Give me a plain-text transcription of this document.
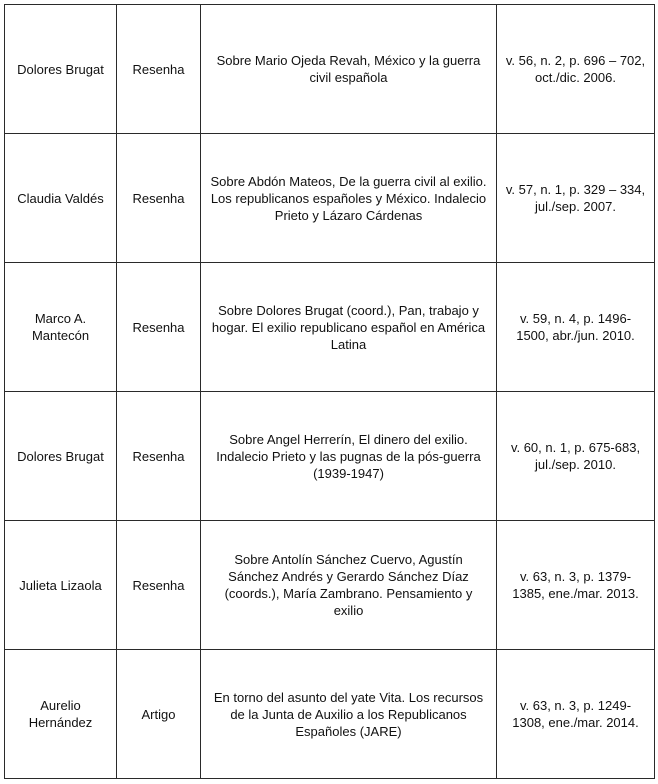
Dolores Brugat	Resenha	Sobre Mario Ojeda Revah, México y la guerra civil española	v. 56, n. 2, p. 696 – 702, oct./dic. 2006.

Claudia Valdés	Resenha	Sobre Abdón Mateos, De la guerra civil al exilio. Los republicanos españoles y México. Indalecio Prieto y Lázaro Cárdenas	v. 57, n. 1, p. 329 – 334, jul./sep. 2007.

Marco A. Mantecón	Resenha	Sobre Dolores Brugat (coord.), Pan, trabajo y hogar. El exilio republicano español en América Latina	v. 59, n. 4, p. 1496-1500, abr./jun. 2010.

Dolores Brugat	Resenha	Sobre Angel Herrerín, El dinero del exilio. Indalecio Prieto y las pugnas de la pós-guerra (1939-1947)	v. 60, n. 1, p. 675-683, jul./sep. 2010.

Julieta Lizaola	Resenha	Sobre Antolín Sánchez Cuervo, Agustín Sánchez Andrés y Gerardo Sánchez Díaz (coords.), María Zambrano. Pensamiento y exilio	v. 63, n. 3, p. 1379-1385, ene./mar. 2013.

Aurelio Hernández	Artigo	En torno del asunto del yate Vita. Los recursos de la Junta de Auxilio a los Republicanos Españoles (JARE)	v. 63, n. 3, p. 1249-1308, ene./mar. 2014.
